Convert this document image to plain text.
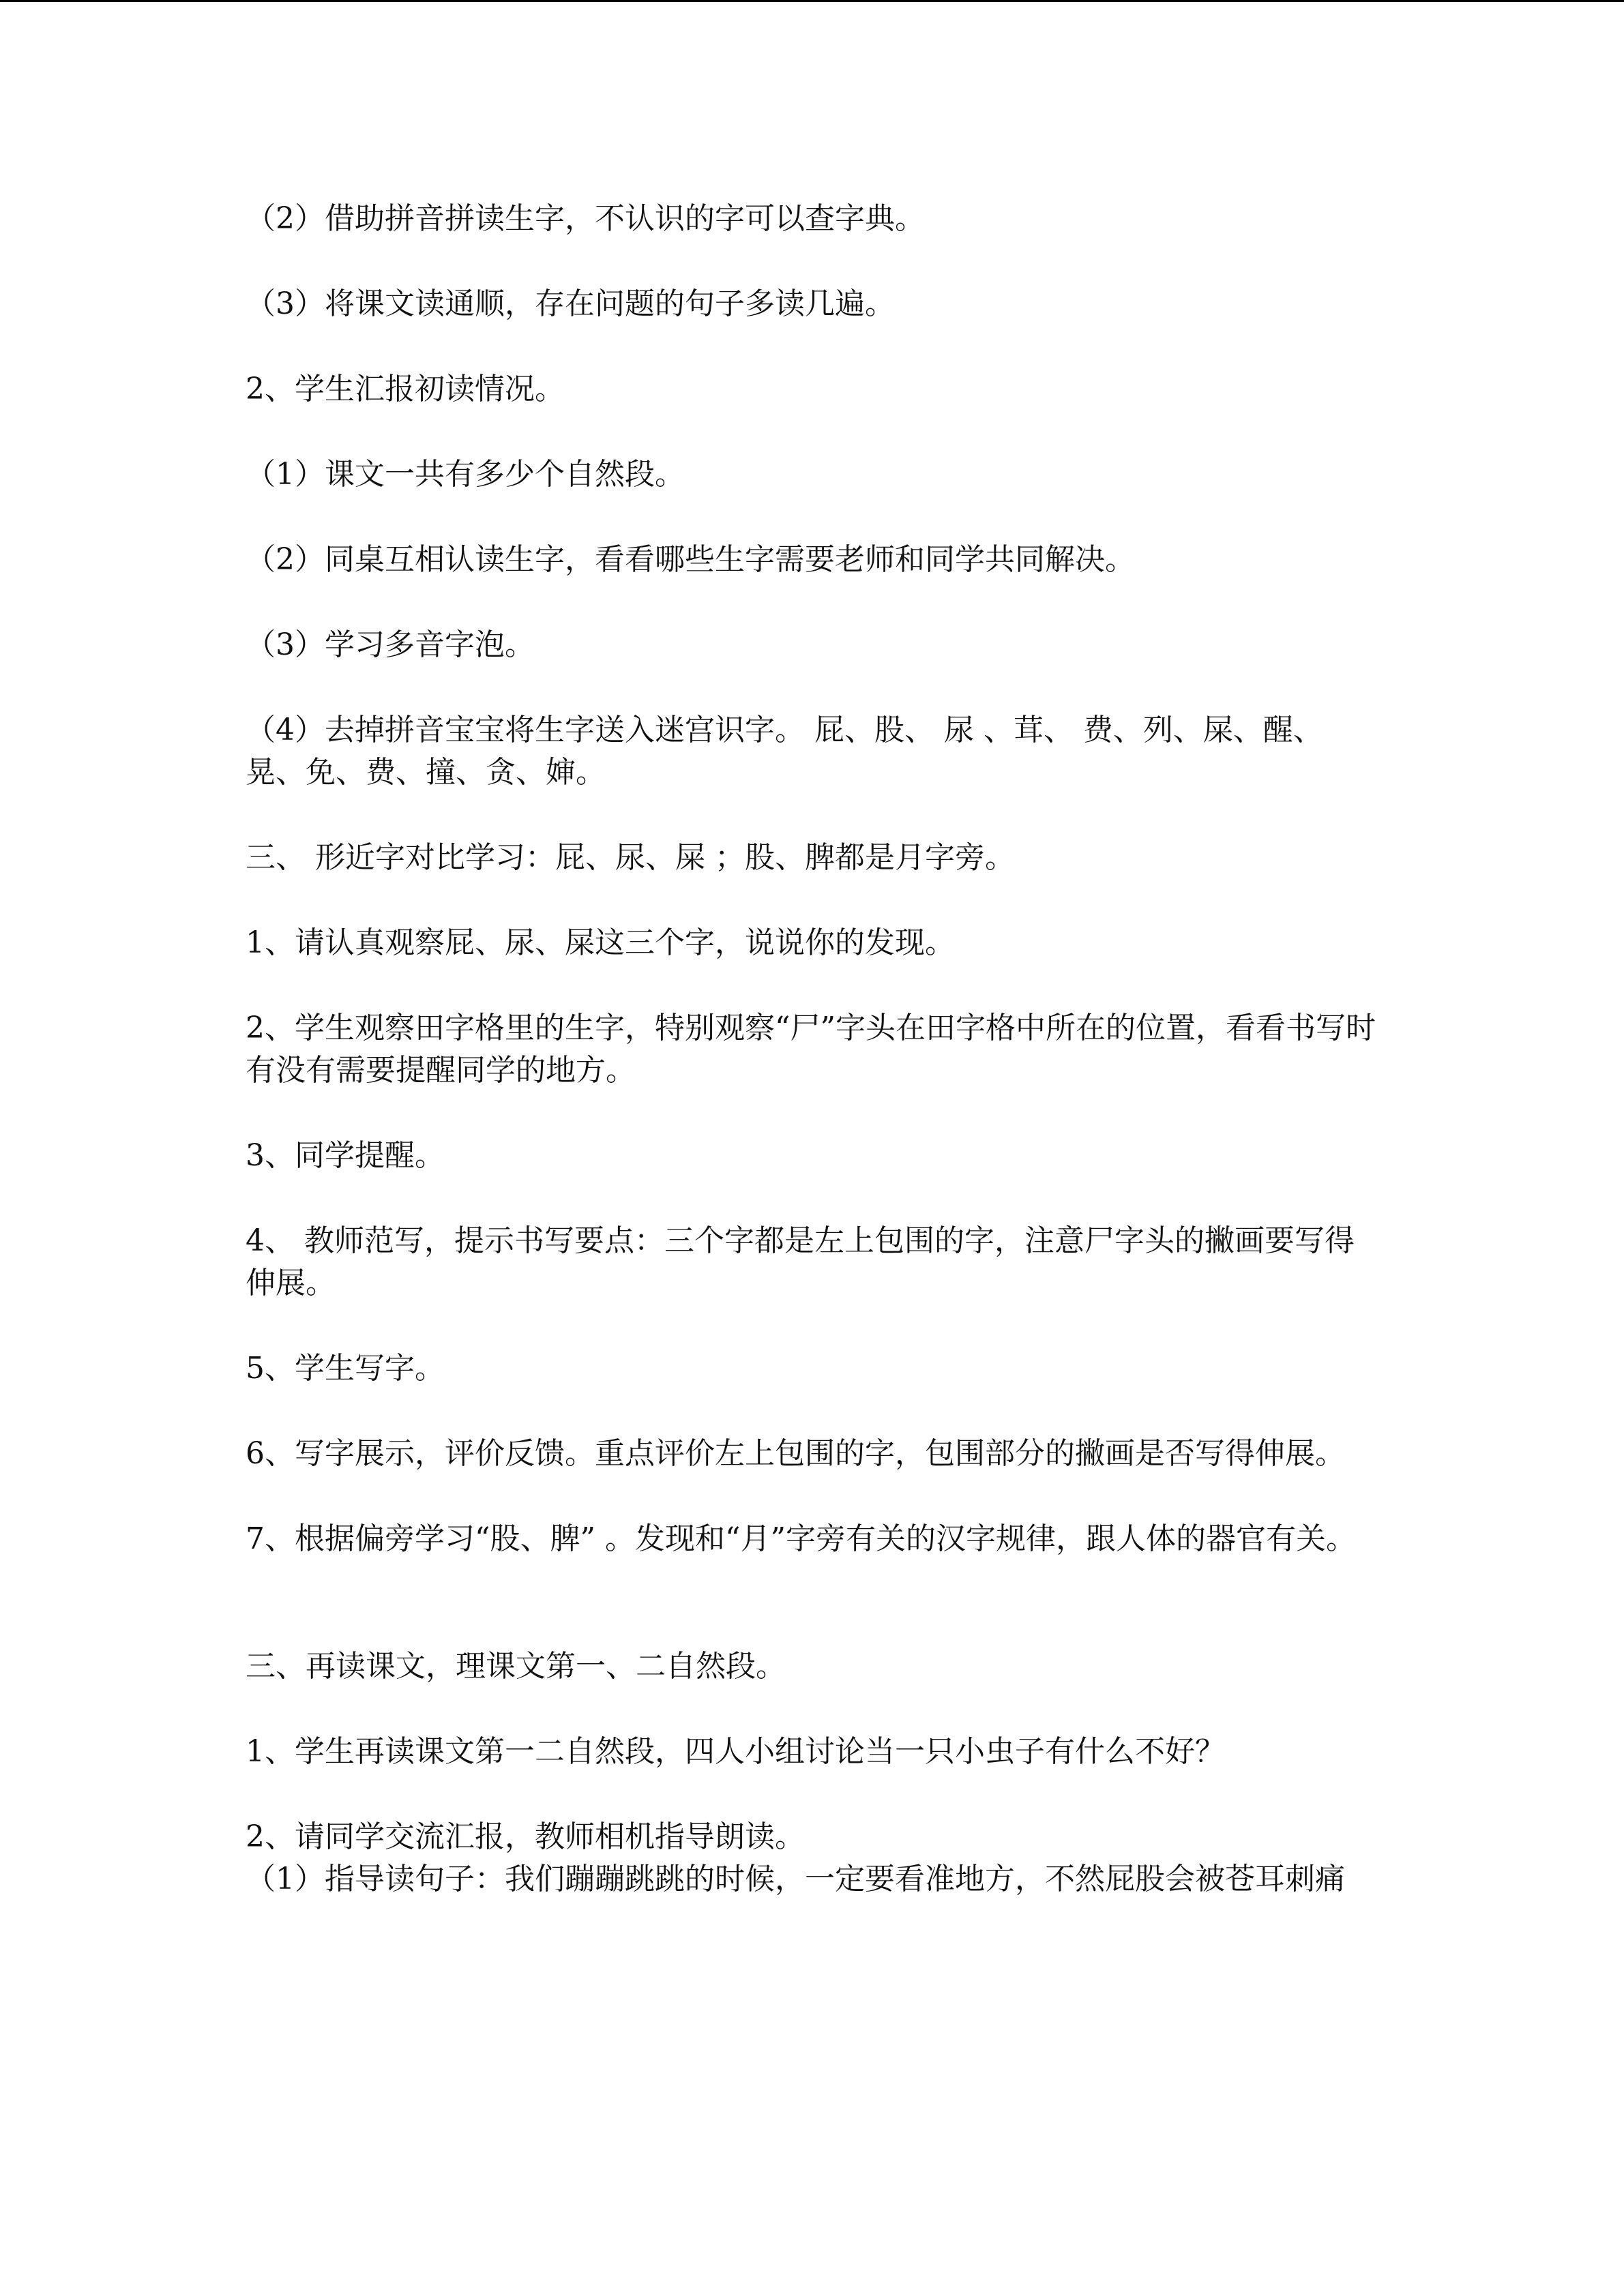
（2）借助拼音拼读生字，不认识的字可以查字典。

（3）将课文读通顺，存在问题的句子多读几遍。

2、学生汇报初读情况。

（1）课文一共有多少个自然段。

（2）同桌互相认读生字，看看哪些生字需要老师和同学共同解决。

（3）学习多音字泡。

（4）去掉拼音宝宝将生字送入迷宫识字。 屁、股、 尿 、茸、 费、列、屎、醒、晃、免、费、撞、贪、婶。

三、 形近字对比学习：屁、尿、屎 ；股、脾都是月字旁。

1、请认真观察屁、尿、屎这三个字，说说你的发现。

2、学生观察田字格里的生字，特别观察“尸”字头在田字格中所在的位置，看看书写时有没有需要提醒同学的地方。

3、同学提醒。

4、 教师范写，提示书写要点：三个字都是左上包围的字，注意尸字头的撇画要写得伸展。

5、学生写字。

6、写字展示，评价反馈。重点评价左上包围的字，包围部分的撇画是否写得伸展。

7、根据偏旁学习“股、脾” 。发现和“月”字旁有关的汉字规律，跟人体的器官有关。

三、再读课文，理课文第一、二自然段。

1、学生再读课文第一二自然段，四人小组讨论当一只小虫子有什么不好？

2、请同学交流汇报，教师相机指导朗读。

（1）指导读句子：我们蹦蹦跳跳的时候，一定要看准地方，不然屁股会被苍耳刺痛
